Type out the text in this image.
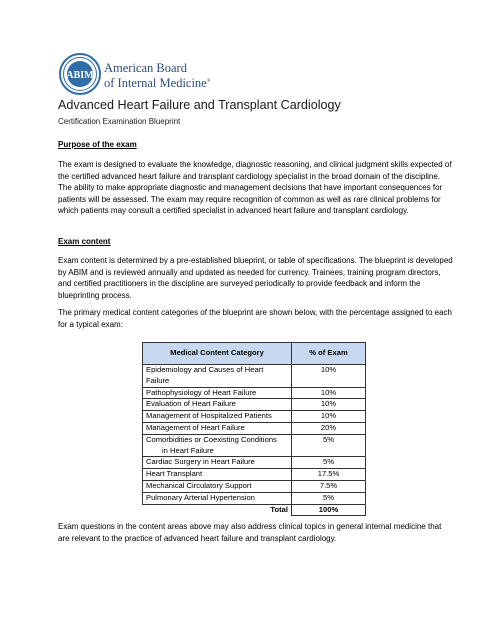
ABIM
American Board
of Internal Medicine®
Advanced Heart Failure and Transplant Cardiology
Certification Examination Blueprint
Purpose of the exam

The exam is designed to evaluate the knowledge, diagnostic reasoning, and clinical judgment skills expected of the certified advanced heart failure and transplant cardiology specialist in the broad domain of the discipline. The ability to make appropriate diagnostic and management decisions that have important consequences for patients will be assessed. The exam may require recognition of common as well as rare clinical problems for which patients may consult a certified specialist in advanced heart failure and transplant cardiology.

Exam content

Exam content is determined by a pre-established blueprint, or table of specifications. The blueprint is developed by ABIM and is reviewed annually and updated as needed for currency. Trainees, training program directors, and certified practitioners in the discipline are surveyed periodically to provide feedback and inform the blueprinting process.

The primary medical content categories of the blueprint are shown below, with the percentage assigned to each for a typical exam:

Medical Content Category	% of Exam
Epidemiology and Causes of Heart Failure	10%
Pathophysiology of Heart Failure	10%
Evaluation of Heart Failure	10%
Management of Hospitalized Patients	10%
Management of Heart Failure	20%

Comorbidities or Coexisting Conditions
in Heart Failure	5%
Cardiac Surgery in Heart Failure	5%
Heart Transplant	17.5%
Mechanical Circulatory Support	7.5%
Pulmonary Arterial Hypertension	5%
Total	100%

Exam questions in the content areas above may also address clinical topics in general internal medicine that are relevant to the practice of advanced heart failure and transplant cardiology.
